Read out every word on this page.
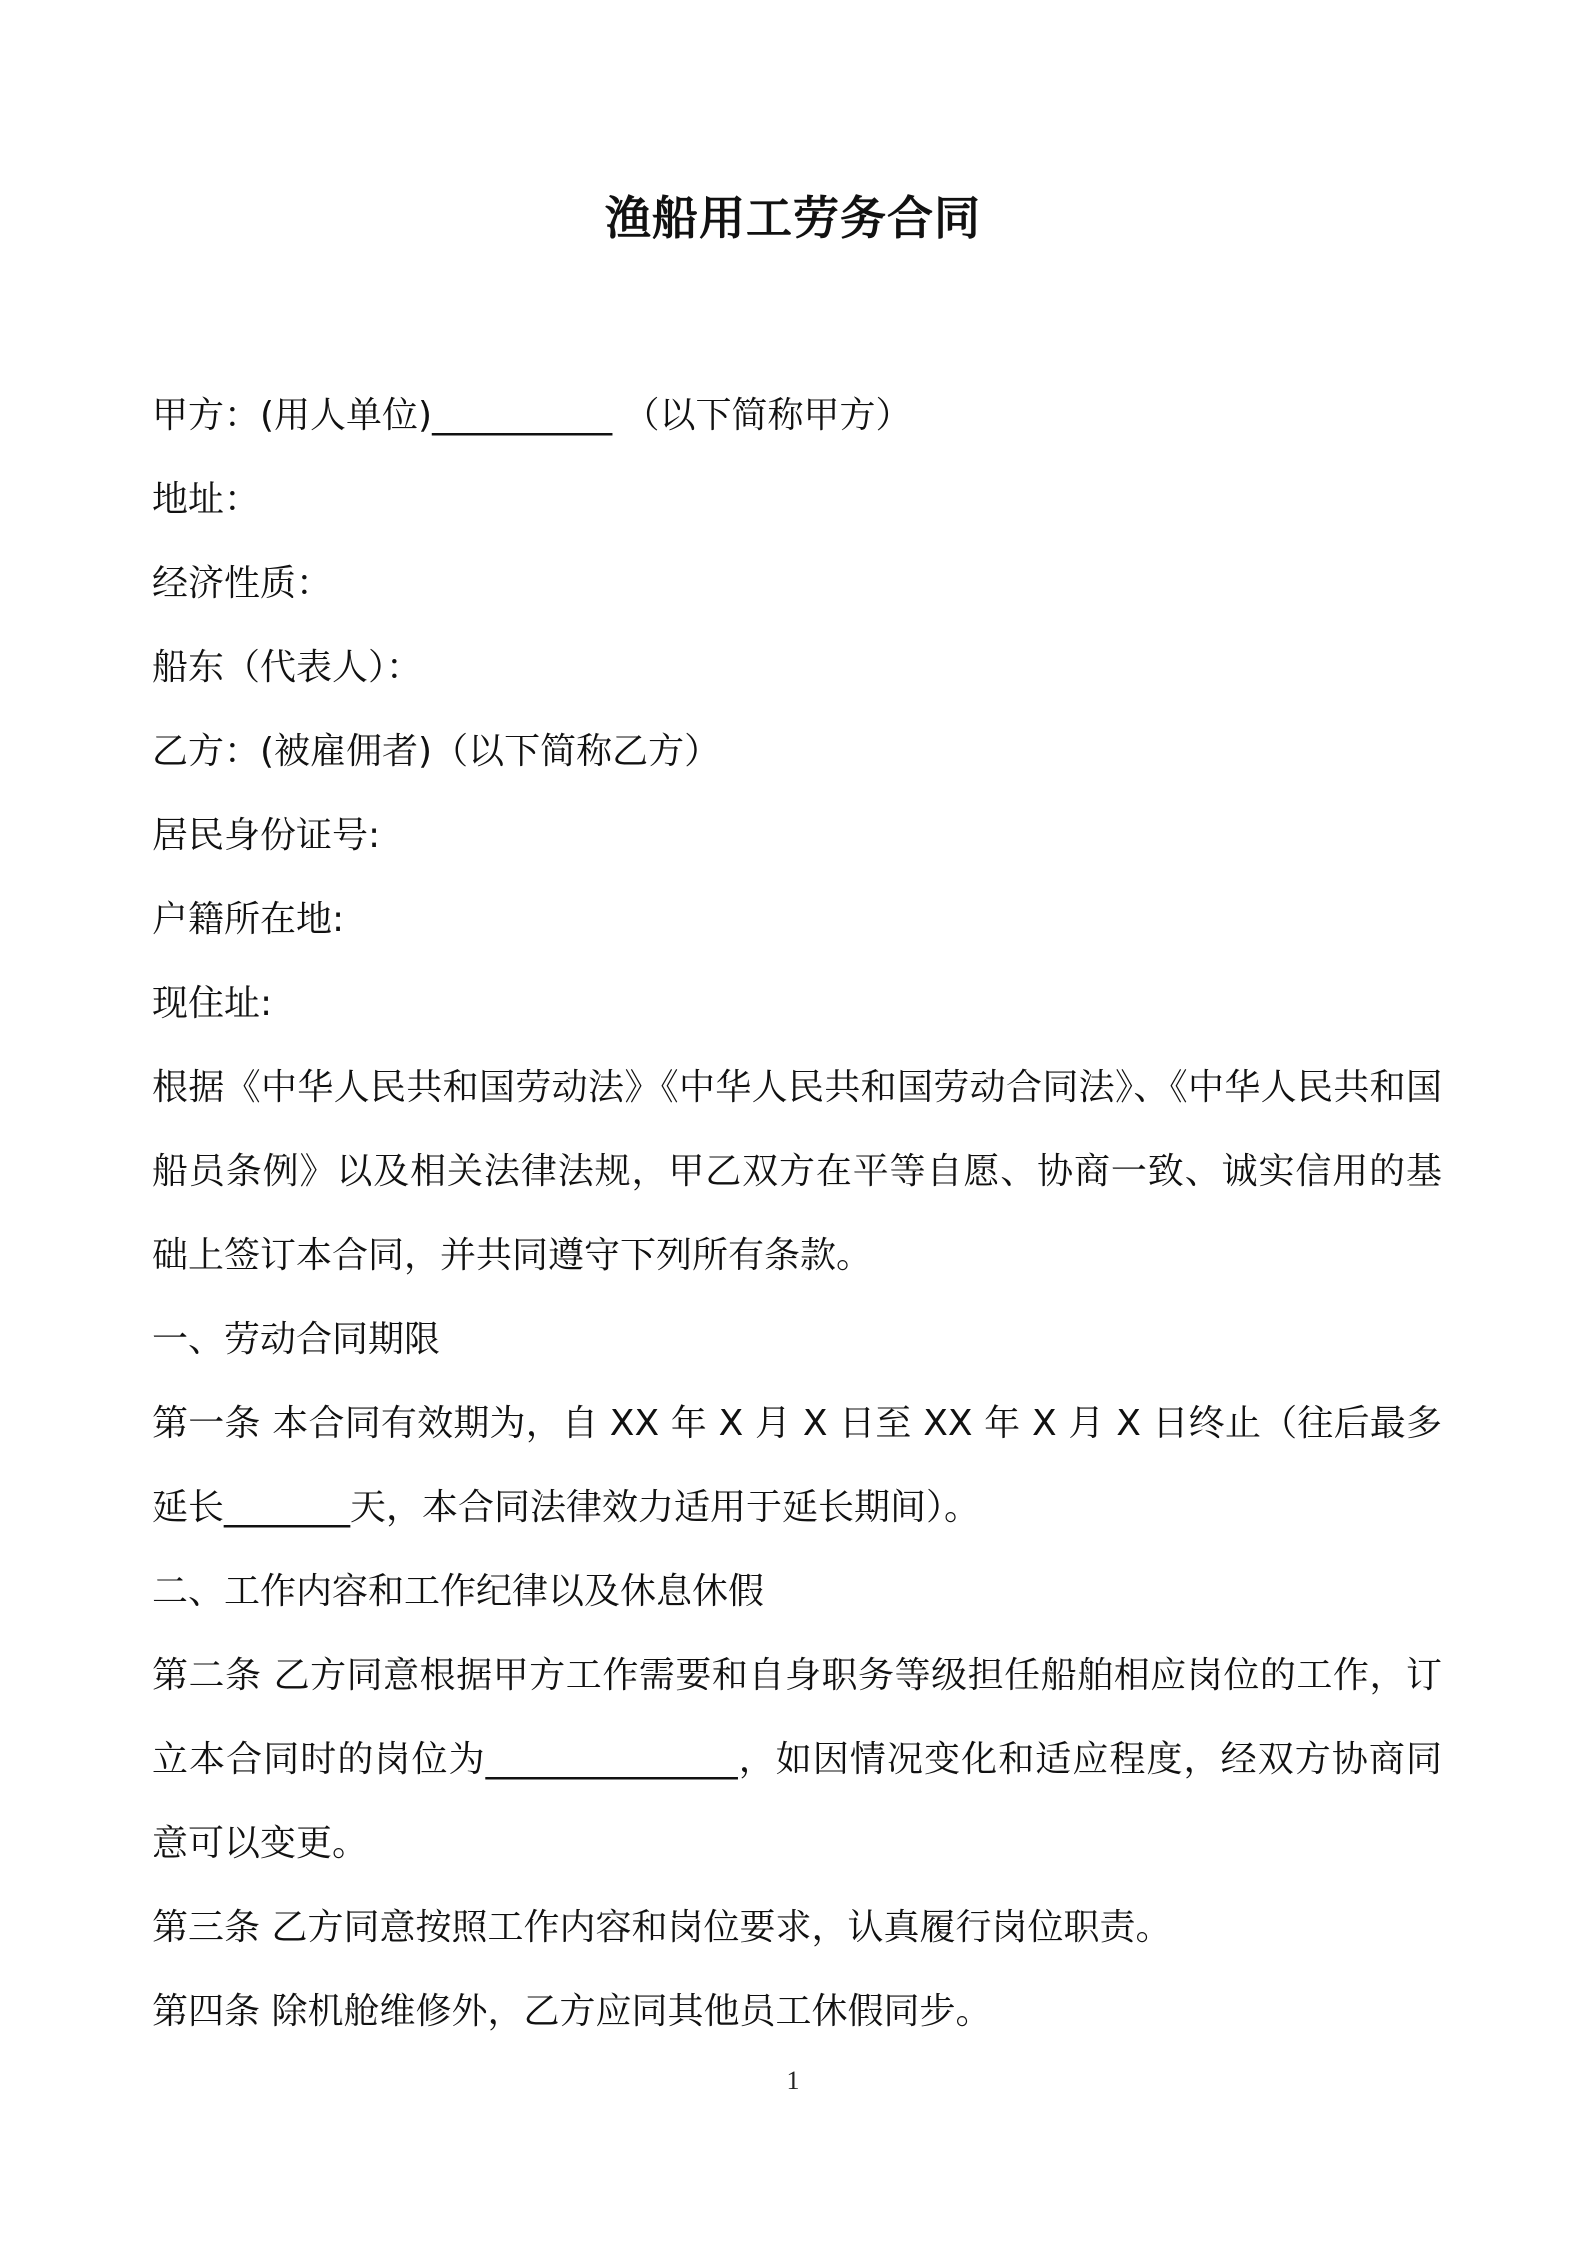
渔船用工劳务合同
甲方：(用人单位)__________ （以下简称甲方）
地址：
经济性质：
船东（代表人）：
乙方：(被雇佣者)（以下简称乙方）
居民身份证号:
户籍所在地:
现住址:
根据《中华人民共和国劳动法》《中华人民共和国劳动合同法》、《中华人民共和国船员条例》以及相关法律法规，甲乙双方在平等自愿、协商一致、诚实信用的基础上签订本合同，并共同遵守下列所有条款。
一、劳动合同期限
第一条 本合同有效期为，自 XX 年 X 月 X 日至 XX 年 X 月 X 日终止（往后最多延长_______天，本合同法律效力适用于延长期间）。
二、工作内容和工作纪律以及休息休假
第二条 乙方同意根据甲方工作需要和自身职务等级担任船舶相应岗位的工作，订立本合同时的岗位为______________，如因情况变化和适应程度，经双方协商同意可以变更。
第三条 乙方同意按照工作内容和岗位要求，认真履行岗位职责。
第四条 除机舱维修外，乙方应同其他员工休假同步。
1
